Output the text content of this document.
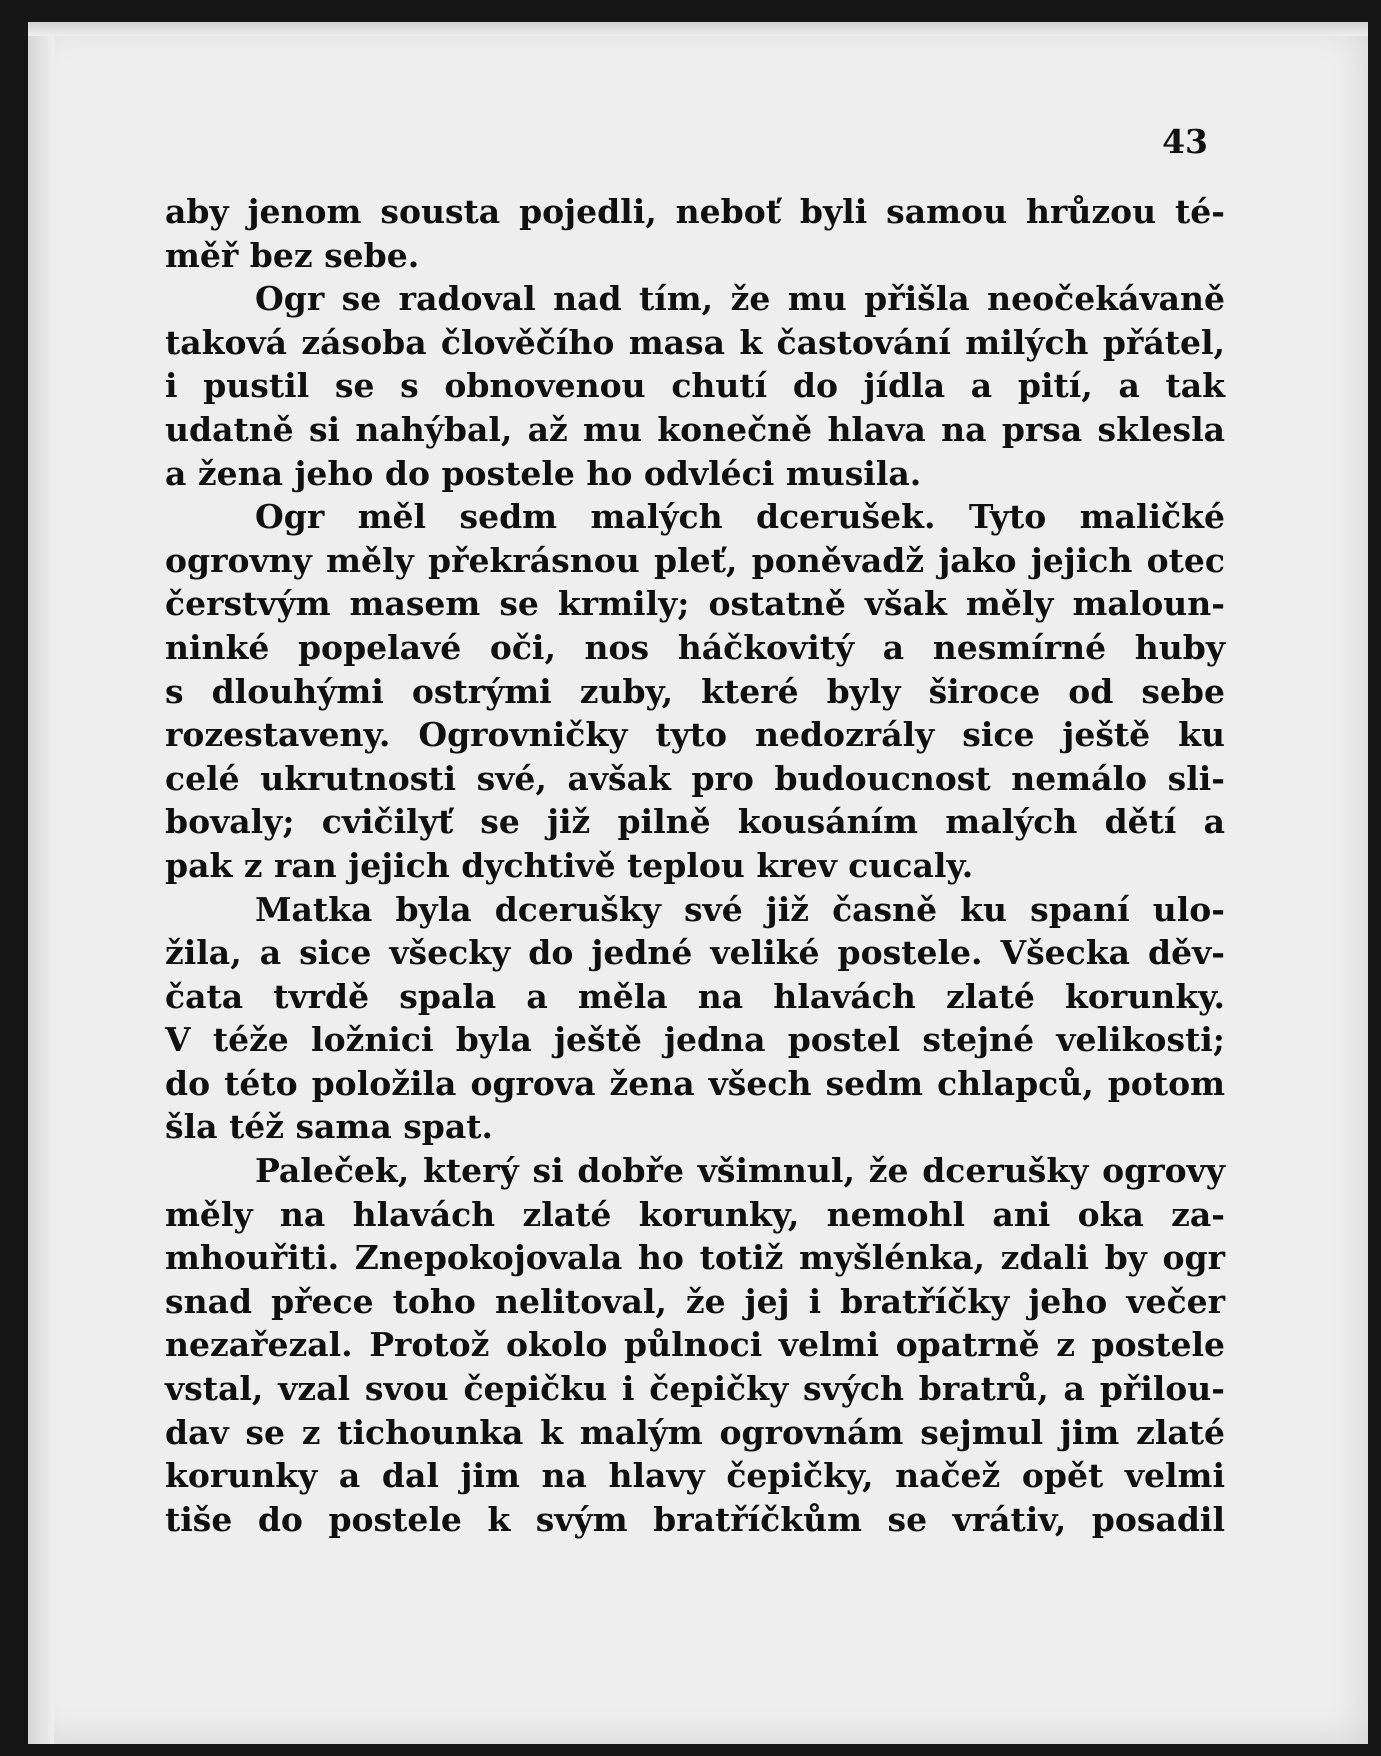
43
aby jenom sousta pojedli, neboť byli samou hrůzou té-
měř bez sebe.
Ogr se radoval nad tím, že mu přišla neočekávaně
taková zásoba člověčího masa k častování milých přátel,
i pustil se s obnovenou chutí do jídla a pití, a tak
udatně si nahýbal, až mu konečně hlava na prsa sklesla
a žena jeho do postele ho odvléci musila.
Ogr měl sedm malých dcerušek. Tyto maličké
ogrovny měly překrásnou pleť, poněvadž jako jejich otec
čerstvým masem se krmily; ostatně však měly maloun-
ninké popelavé oči, nos háčkovitý a nesmírné huby
s dlouhými ostrými zuby, které byly široce od sebe
rozestaveny. Ogrovničky tyto nedozrály sice ještě ku
celé ukrutnosti své, avšak pro budoucnost nemálo sli-
bovaly; cvičilyť se již pilně kousáním malých dětí a
pak z ran jejich dychtivě teplou krev cucaly.
Matka byla dcerušky své již časně ku spaní ulo-
žila, a sice všecky do jedné veliké postele. Všecka děv-
čata tvrdě spala a měla na hlavách zlaté korunky.
V téže ložnici byla ještě jedna postel stejné velikosti;
do této položila ogrova žena všech sedm chlapců, potom
šla též sama spat.
Paleček, který si dobře všimnul, že dcerušky ogrovy
měly na hlavách zlaté korunky, nemohl ani oka za-
mhouřiti. Znepokojovala ho totiž myšlénka, zdali by ogr
snad přece toho nelitoval, že jej i bratříčky jeho večer
nezařezal. Protož okolo půlnoci velmi opatrně z postele
vstal, vzal svou čepičku i čepičky svých bratrů, a přilou-
dav se z tichounka k malým ogrovnám sejmul jim zlaté
korunky a dal jim na hlavy čepičky, načež opět velmi
tiše do postele k svým bratříčkům se vrátiv, posadil
